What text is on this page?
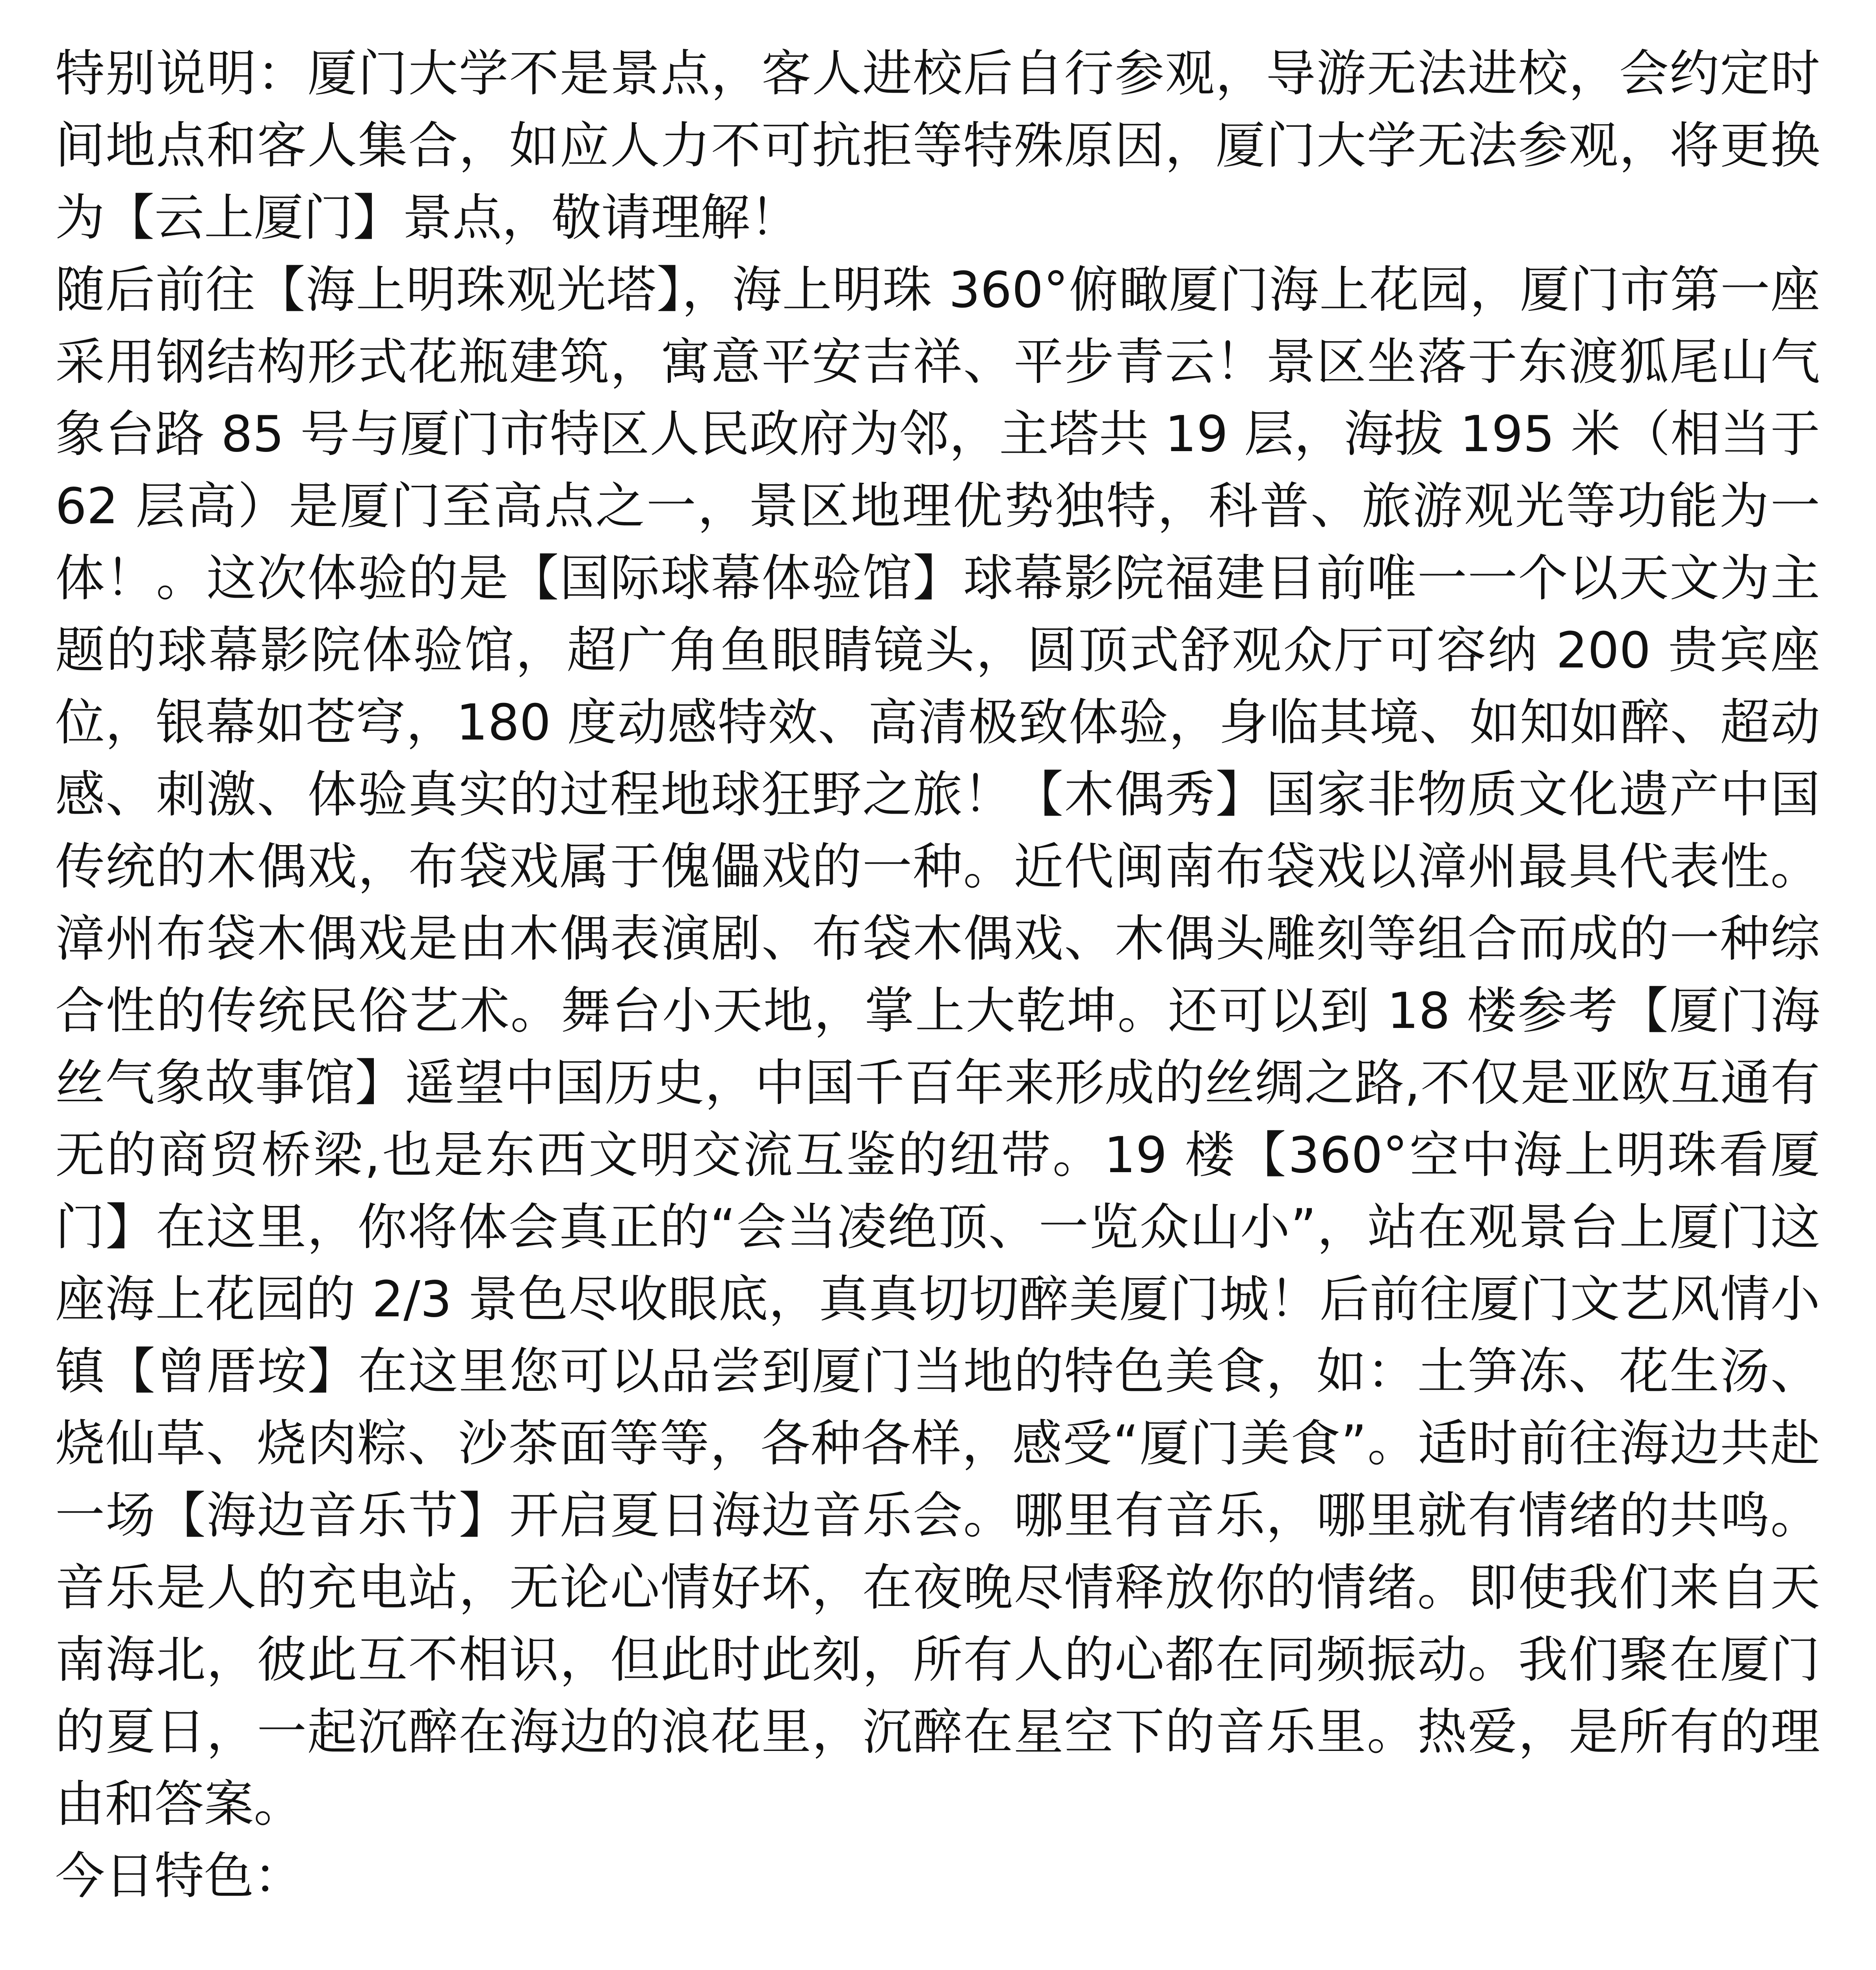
特别说明：厦门大学不是景点，客人进校后自行参观，导游无法进校，会约定时间地点和客人集合，如应人力不可抗拒等特殊原因，厦门大学无法参观，将更换为【云上厦门】景点，敬请理解！

随后前往【海上明珠观光塔】，海上明珠 360°俯瞰厦门海上花园，厦门市第一座采用钢结构形式花瓶建筑，寓意平安吉祥、平步青云！景区坐落于东渡狐尾山气象台路 85 号与厦门市特区人民政府为邻，主塔共 19 层，海拔 195 米（相当于 62 层高）是厦门至高点之一，景区地理优势独特，科普、旅游观光等功能为一体！。这次体验的是【国际球幕体验馆】球幕影院福建目前唯一一个以天文为主题的球幕影院体验馆，超广角鱼眼睛镜头，圆顶式舒观众厅可容纳 200 贵宾座位，银幕如苍穹，180 度动感特效、高清极致体验，身临其境、如知如醉、超动感、刺激、体验真实的过程地球狂野之旅！【木偶秀】国家非物质文化遗产中国传统的木偶戏，布袋戏属于傀儡戏的一种。近代闽南布袋戏以漳州最具代表性。漳州布袋木偶戏是由木偶表演剧、布袋木偶戏、木偶头雕刻等组合而成的一种综合性的传统民俗艺术。舞台小天地，掌上大乾坤。还可以到 18 楼参考【厦门海丝气象故事馆】遥望中国历史，中国千百年来形成的丝绸之路,不仅是亚欧互通有无的商贸桥梁,也是东西文明交流互鉴的纽带。19 楼【360°空中海上明珠看厦门】在这里，你将体会真正的“会当凌绝顶、一览众山小”，站在观景台上厦门这座海上花园的 2/3 景色尽收眼底，真真切切醉美厦门城！后前往厦门文艺风情小镇【曾厝垵】在这里您可以品尝到厦门当地的特色美食，如：土笋冻、花生汤、烧仙草、烧肉粽、沙茶面等等，各种各样，感受“厦门美食”。适时前往海边共赴一场【海边音乐节】开启夏日海边音乐会。哪里有音乐，哪里就有情绪的共鸣。音乐是人的充电站，无论心情好坏，在夜晚尽情释放你的情绪。即使我们来自天南海北，彼此互不相识，但此时此刻，所有人的心都在同频振动。我们聚在厦门的夏日，一起沉醉在海边的浪花里，沉醉在星空下的音乐里。热爱，是所有的理由和答案。

今日特色：
